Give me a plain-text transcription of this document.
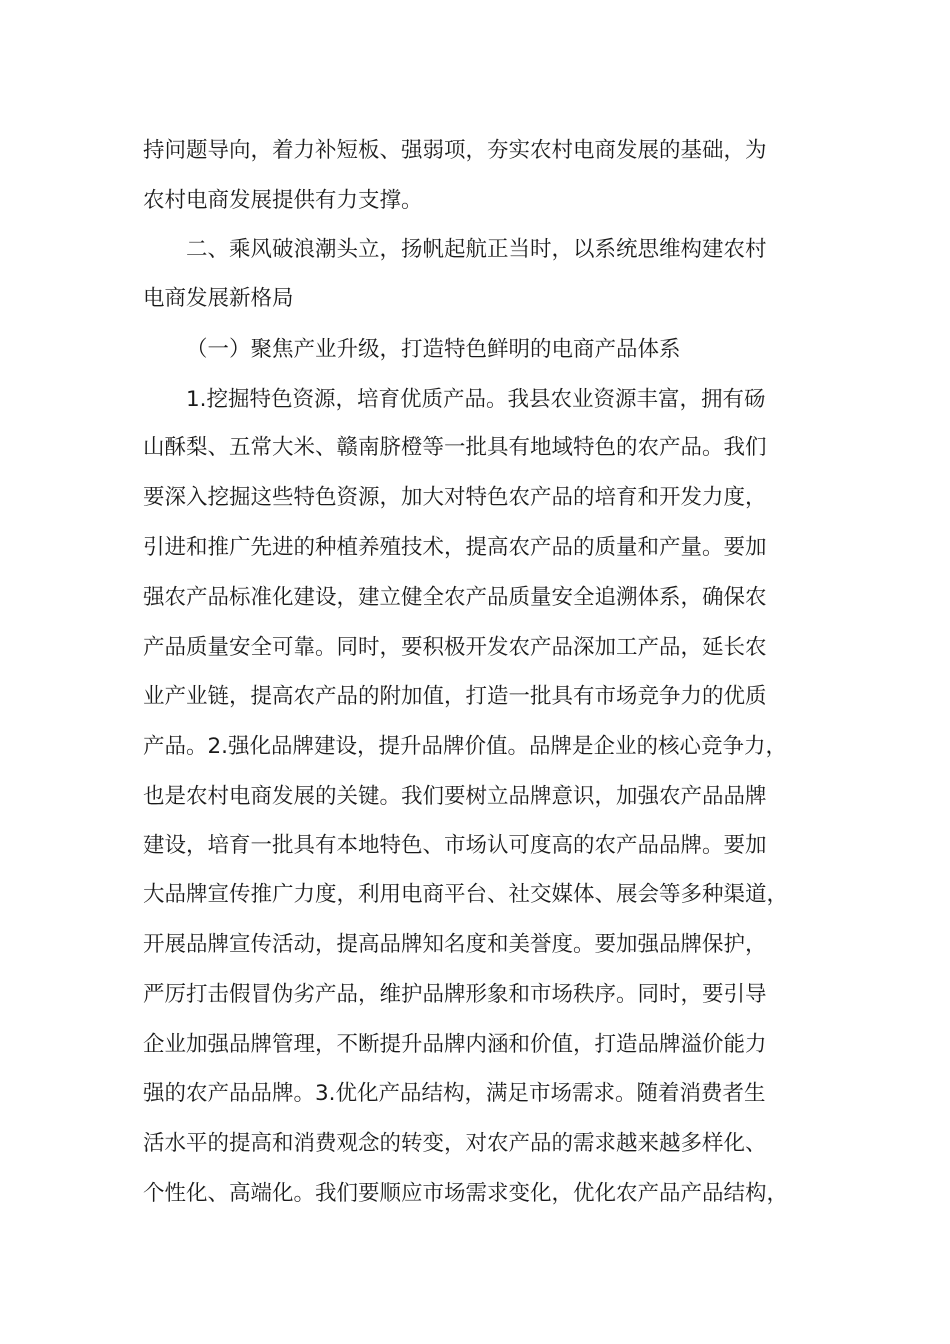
持问题导向，着力补短板、强弱项，夯实农村电商发展的基础，为
农村电商发展提供有力支撑。
二、乘风破浪潮头立，扬帆起航正当时，以系统思维构建农村
电商发展新格局
（一）聚焦产业升级，打造特色鲜明的电商产品体系
1.挖掘特色资源，培育优质产品。我县农业资源丰富，拥有砀
山酥梨、五常大米、赣南脐橙等一批具有地域特色的农产品。我们
要深入挖掘这些特色资源，加大对特色农产品的培育和开发力度，
引进和推广先进的种植养殖技术，提高农产品的质量和产量。要加
强农产品标准化建设，建立健全农产品质量安全追溯体系，确保农
产品质量安全可靠。同时，要积极开发农产品深加工产品，延长农
业产业链，提高农产品的附加值，打造一批具有市场竞争力的优质
产品。2.强化品牌建设，提升品牌价值。品牌是企业的核心竞争力，
也是农村电商发展的关键。我们要树立品牌意识，加强农产品品牌
建设，培育一批具有本地特色、市场认可度高的农产品品牌。要加
大品牌宣传推广力度，利用电商平台、社交媒体、展会等多种渠道，
开展品牌宣传活动，提高品牌知名度和美誉度。要加强品牌保护，
严厉打击假冒伪劣产品，维护品牌形象和市场秩序。同时，要引导
企业加强品牌管理，不断提升品牌内涵和价值，打造品牌溢价能力
强的农产品品牌。3.优化产品结构，满足市场需求。随着消费者生
活水平的提高和消费观念的转变，对农产品的需求越来越多样化、
个性化、高端化。我们要顺应市场需求变化，优化农产品产品结构，
